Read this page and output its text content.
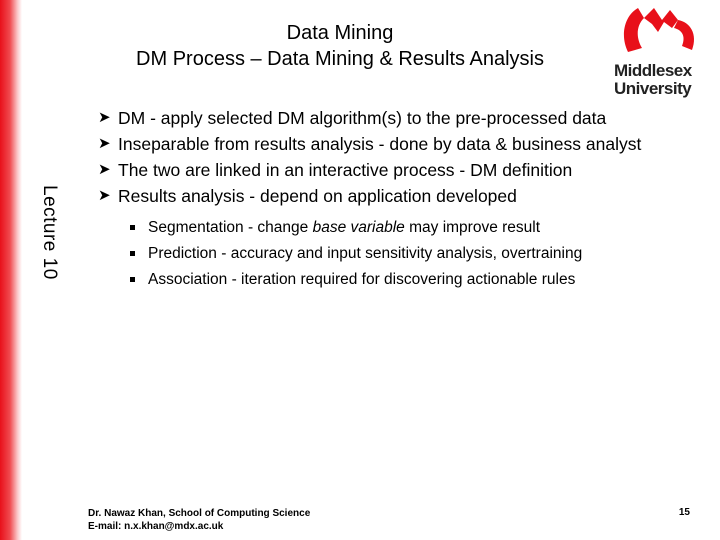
Lecture 10
Data Mining
DM Process – Data Mining & Results Analysis
Middlesex
University
➤ DM - apply selected DM algorithm(s) to the pre-processed data
➤ Inseparable from results analysis - done by data & business analyst
➤ The two are linked in an interactive process - DM definition
➤ Results analysis - depend on application developed
Segmentation - change base variable may improve result
Prediction - accuracy and input sensitivity analysis, overtraining
Association - iteration required for discovering actionable rules
Dr. Nawaz Khan, School of Computing Science
E-mail: n.x.khan@mdx.ac.uk
15
